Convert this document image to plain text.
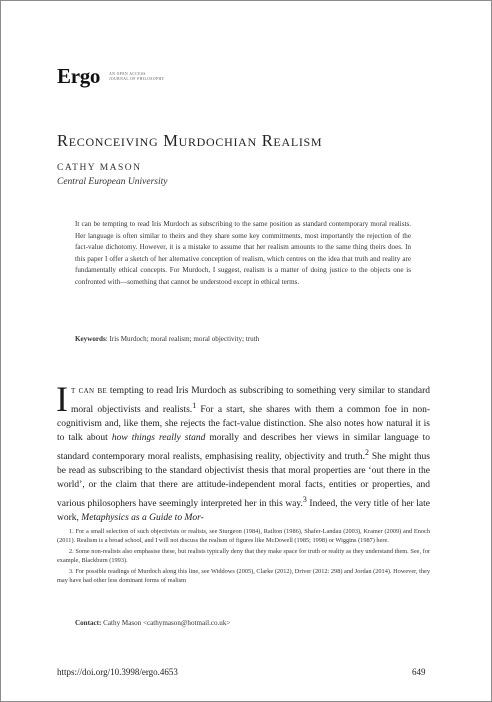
Ergo	AN OPEN ACCESS
JOURNAL OF PHILOSOPHY
Reconceiving Murdochian Realism
CATHY MASON
Central European University

It can be tempting to read Iris Murdoch as subscribing to the same position as standard contemporary moral realists. Her language is often similar to theirs and they share some key commitments, most importantly the rejection of the fact-value dichotomy. However, it is a mistake to assume that her realism amounts to the same thing theirs does. In this paper I offer a sketch of her alternative conception of realism, which centres on the idea that truth and reality are fundamentally ethical concepts. For Murdoch, I suggest, realism is a matter of doing justice to the objects one is confronted with—something that cannot be understood except in ethical terms.

Keywords: Iris Murdoch; moral realism; moral objectivity; truth

It can be tempting to read Iris Murdoch as subscribing to something very similar to standard moral objectivists and realists.$^1$ For a start, she shares with them a common foe in non-cognitivism and, like them, she rejects the fact-value distinction. She also notes how natural it is to talk about how things really stand morally and describes her views in similar language to standard contemporary moral realists, emphasising reality, objectivity and truth.$^2$ She might thus be read as subscribing to the standard objectivist thesis that moral properties are ‘out there in the world’, or the claim that there are attitude-independent moral facts, entities or properties, and various philosophers have seemingly interpreted her in this way.$^3$ Indeed, the very title of her late work, Metaphysics as a Guide to Mor-

1. For a small selection of such objectivists or realists, see Sturgeon (1984), Railton (1986), Shafer-Landau (2003), Kramer (2009) and Enoch (2011). Realism is a broad school, and I will not discuss the realism of figures like McDowell (1985; 1998) or Wiggins (1987) here.

2. Some non-realists also emphasise these, but realists typically deny that they make space for truth or reality as they understand them. See, for example, Blackburn (1993).

3. For possible readings of Murdoch along this line, see Widdows (2005), Clarke (2012), Driver (2012: 298) and Jordan (2014). However, they may have had other less dominant forms of realism

Contact: Cathy Mason <cathymason@hotmail.co.uk>
https://doi.org/10.3998/ergo.4653	649
